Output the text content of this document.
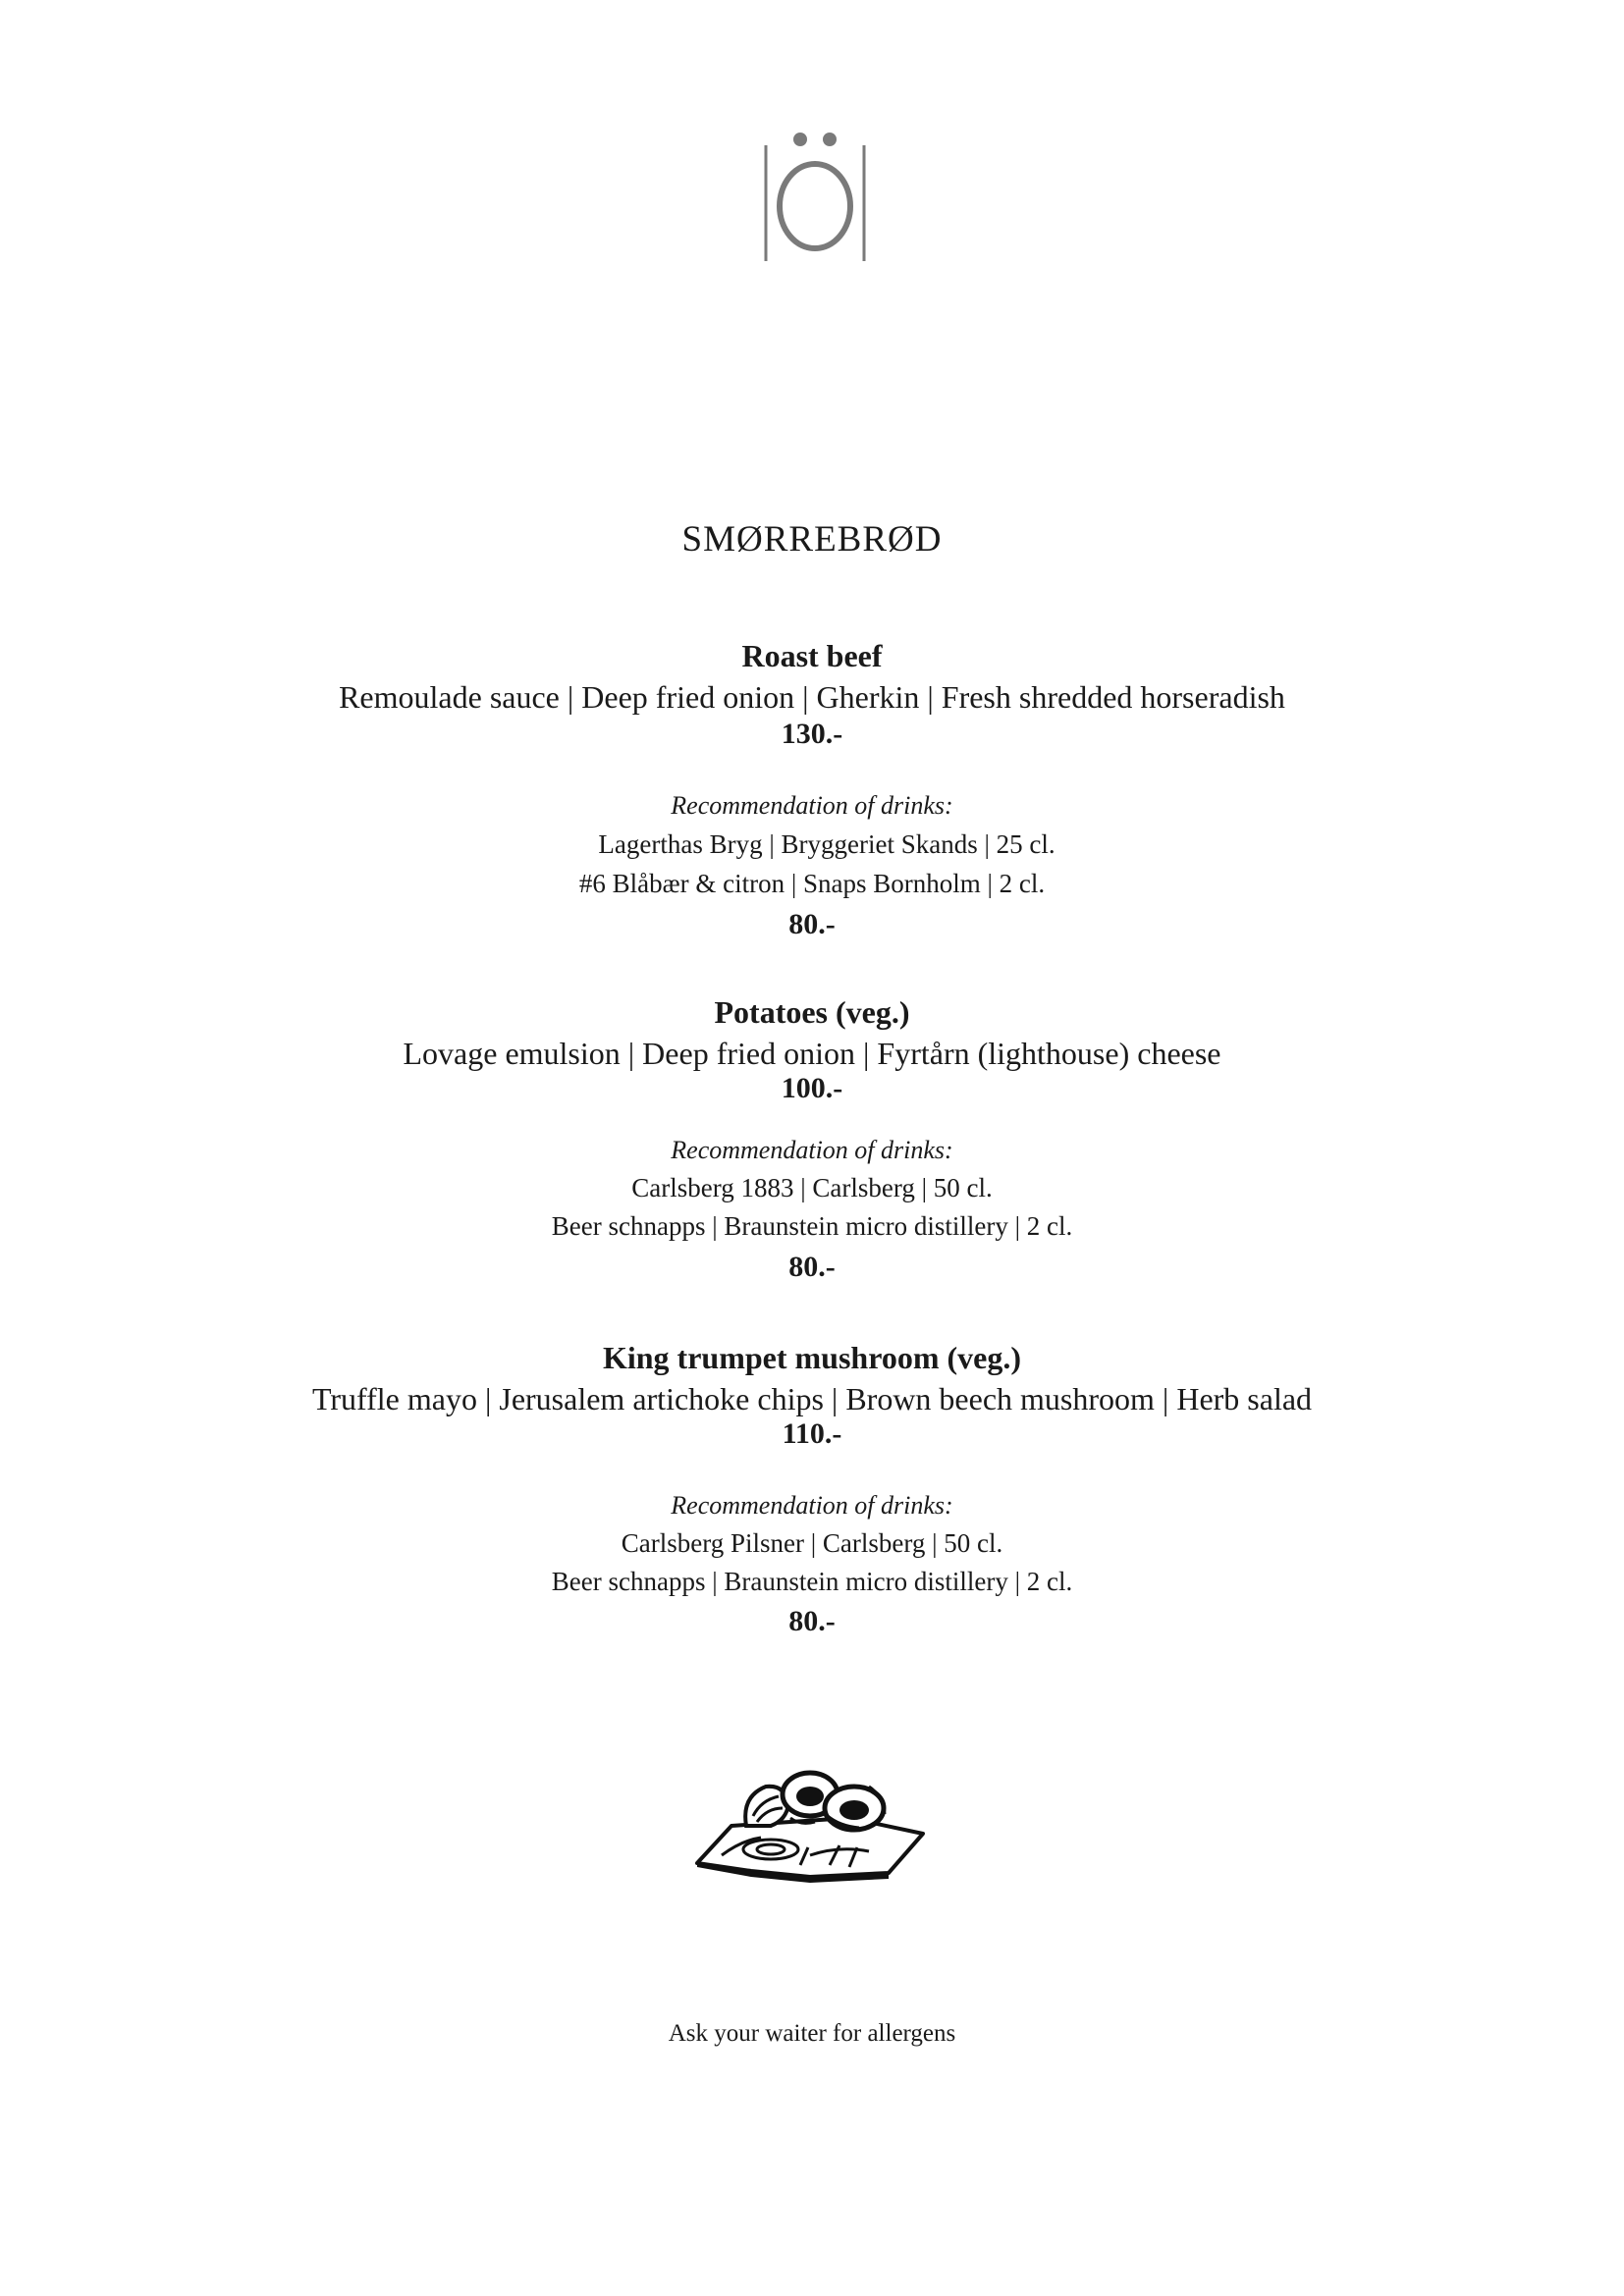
SMØRREBRØD
Roast beef
Remoulade sauce | Deep fried onion | Gherkin | Fresh shredded horseradish
130.-
Recommendation of drinks:
Lagerthas Bryg | Bryggeriet Skands | 25 cl.
#6 Blåbær & citron | Snaps Bornholm | 2 cl.
80.-
Potatoes (veg.)
Lovage emulsion | Deep fried onion | Fyrtårn (lighthouse) cheese
100.-
Recommendation of drinks:
Carlsberg 1883 | Carlsberg | 50 cl.
Beer schnapps | Braunstein micro distillery | 2 cl.
80.-
King trumpet mushroom (veg.)
Truffle mayo | Jerusalem artichoke chips | Brown beech mushroom | Herb salad
110.-
Recommendation of drinks:
Carlsberg Pilsner | Carlsberg | 50 cl.
Beer schnapps | Braunstein micro distillery | 2 cl.
80.-
Ask your waiter for allergens
